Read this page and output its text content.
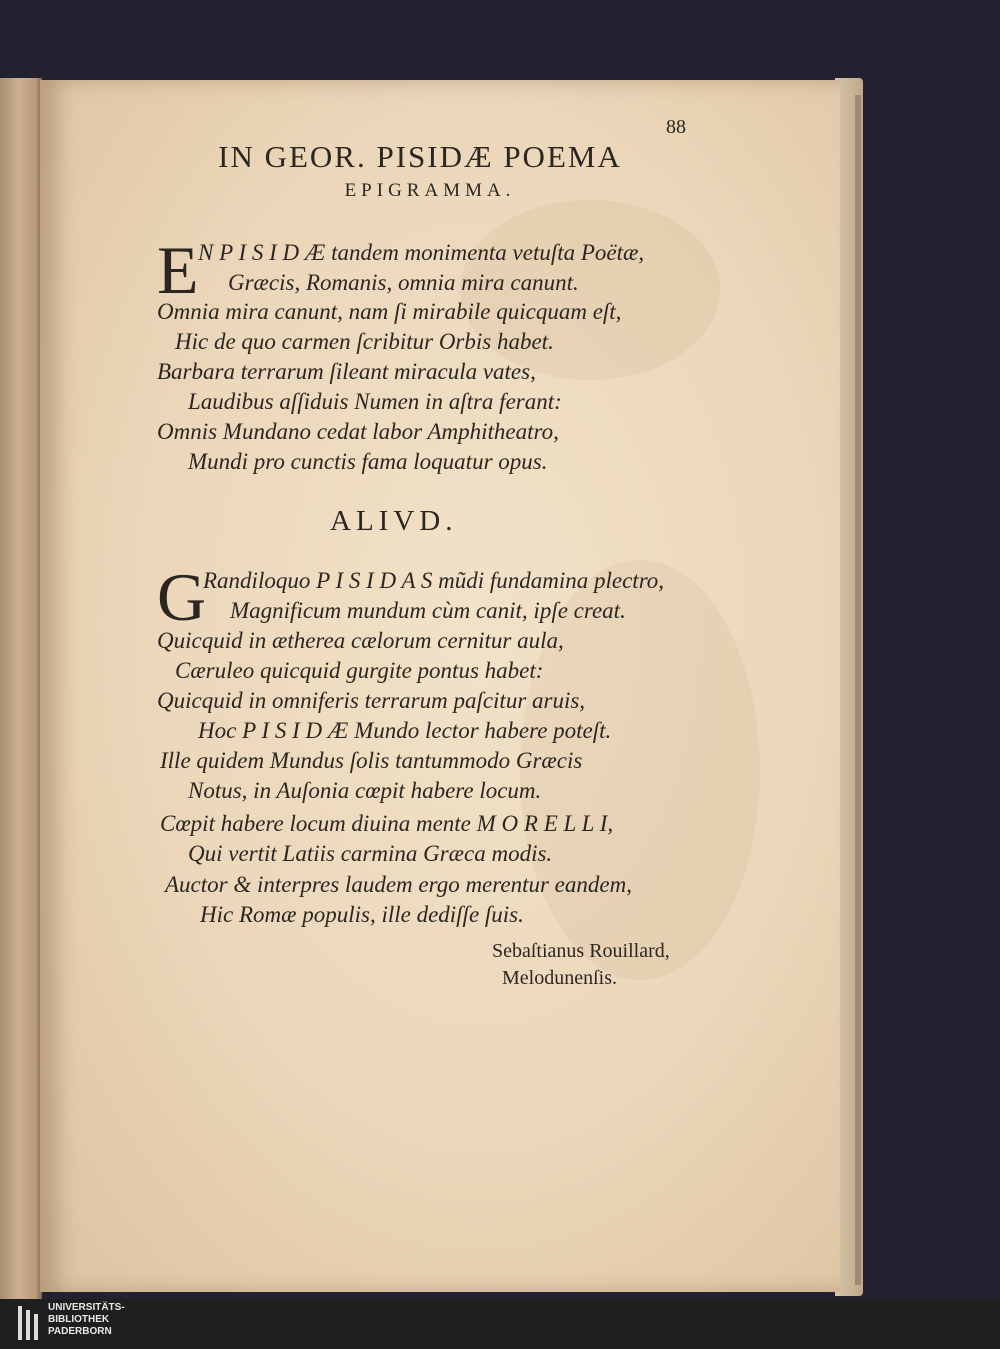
88
IN GEOR. PISIDÆ POEMA
EPIGRAMMA.
E N P I S I D Æ tandem monimenta vetuſta Poëtæ,
Græcis, Romanis, omnia mira canunt.
Omnia mira canunt, nam ſi mirabile quicquam eſt,
Hic de quo carmen ſcribitur Orbis habet.
Barbara terrarum ſileant miracula vates,
Laudibus aſſiduis Numen in aſtra ferant:
Omnis Mundano cedat labor Amphitheatro,
Mundi pro cunctis fama loquatur opus.
ALIVD.
G
Randiloquo P I S I D A S mũdi fundamina plectro,
Magnificum mundum cùm canit, ipſe creat.
Quicquid in ætherea cælorum cernitur aula,
Cæruleo quicquid gurgite pontus habet:
Quicquid in omniferis terrarum paſcitur aruis,
Hoc P I S I D Æ Mundo lector habere poteſt.
Ille quidem Mundus ſolis tantummodo Græcis
Notus, in Auſonia cœpit habere locum.
Cœpit habere locum diuina mente M O R E L L I,
Qui vertit Latiis carmina Græca modis.
Auctor & interpres laudem ergo merentur eandem,
Hic Romæ populis, ille dediſſe ſuis.
Sebaſtianus Rouillard,
Melodunenſis.
UNIVERSITÄTS-
BIBLIOTHEK
PADERBORN
